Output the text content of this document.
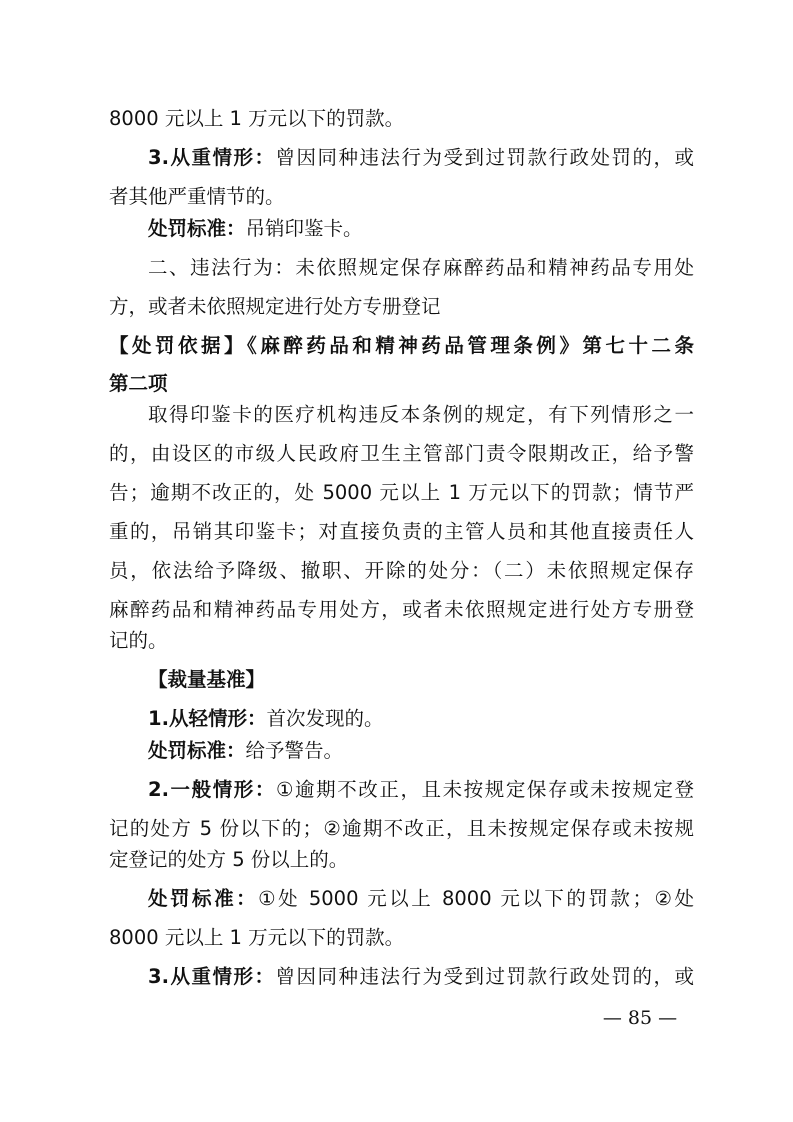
8000 元以上 1 万元以下的罚款。
3.从重情形：曾因同种违法行为受到过罚款行政处罚的，或
者其他严重情节的。
处罚标准：吊销印鉴卡。
二、违法行为：未依照规定保存麻醉药品和精神药品专用处
方，或者未依照规定进行处方专册登记
【处罚依据】《麻醉药品和精神药品管理条例》第七十二条
第二项
取得印鉴卡的医疗机构违反本条例的规定，有下列情形之一
的，由设区的市级人民政府卫生主管部门责令限期改正，给予警
告；逾期不改正的，处 5000 元以上 1 万元以下的罚款；情节严
重的，吊销其印鉴卡；对直接负责的主管人员和其他直接责任人
员，依法给予降级、撤职、开除的处分：（二）未依照规定保存
麻醉药品和精神药品专用处方，或者未依照规定进行处方专册登
记的。
【裁量基准】
1.从轻情形：首次发现的。
处罚标准：给予警告。
2.一般情形：①逾期不改正，且未按规定保存或未按规定登
记的处方 5 份以下的；②逾期不改正，且未按规定保存或未按规
定登记的处方 5 份以上的。
处罚标准：①处 5000 元以上 8000 元以下的罚款；②处
8000 元以上 1 万元以下的罚款。
3.从重情形：曾因同种违法行为受到过罚款行政处罚的，或
— 85 —
